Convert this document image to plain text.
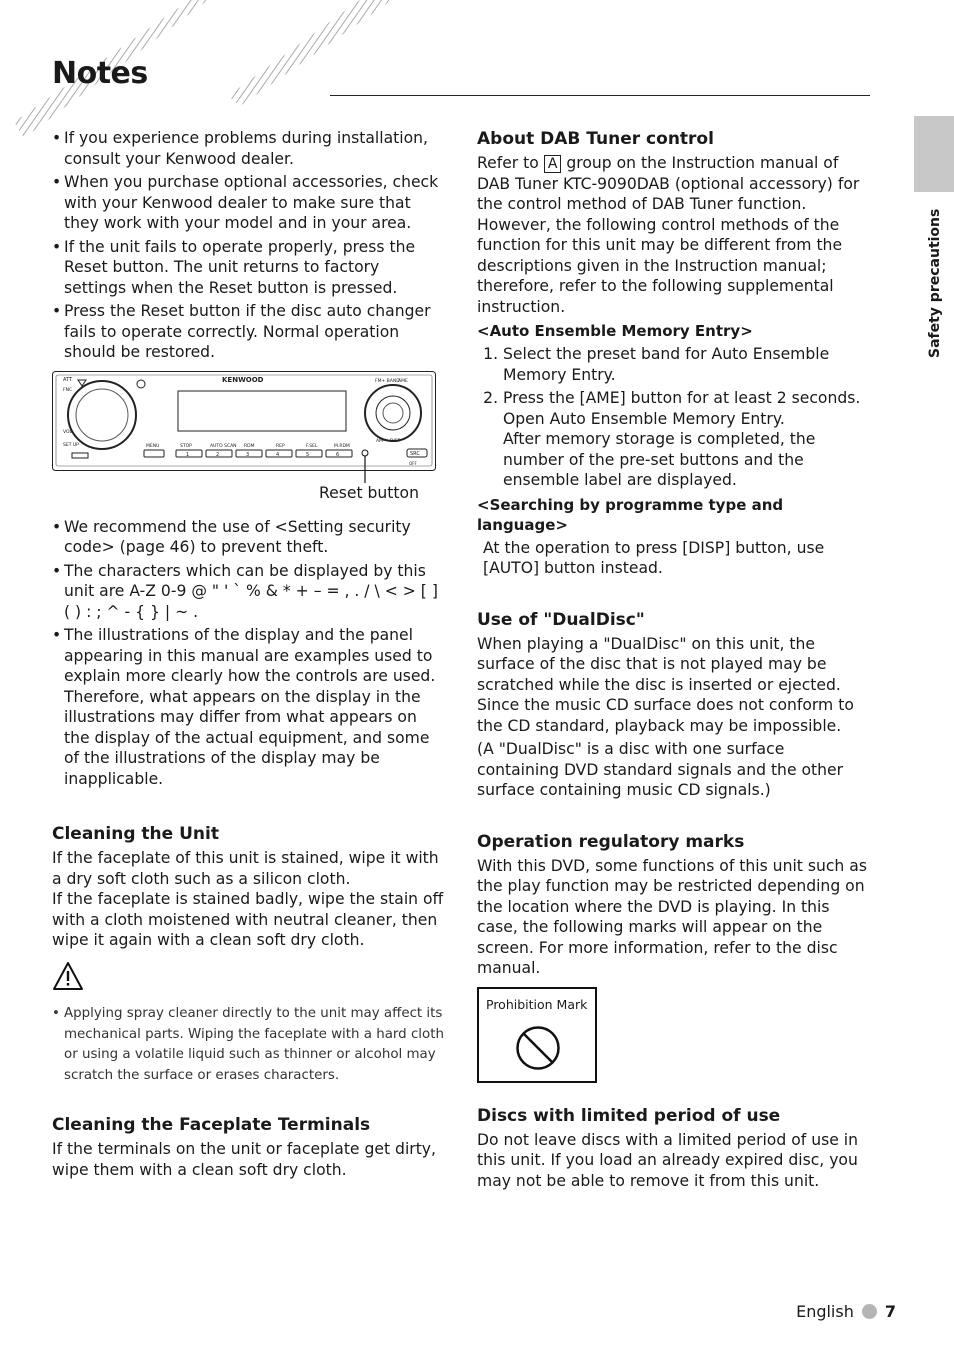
Notes
Safety precautions
• If you experience problems during installation, consult your Kenwood dealer.
• When you purchase optional accessories, check with your Kenwood dealer to make sure that they work with your model and in your area.
• If the unit fails to operate properly, press the Reset button. The unit returns to factory settings when the Reset button is pressed.
• Press the Reset button if the disc auto changer fails to operate correctly. Normal operation should be restored.
ATT
VOL
SET UP
KENWOOD	FM+ BAND
AM-
SRC
OFF
MENU	STOP	AUTO SCAN RDM	REP	F.SEL	M.RDM
1	2	3	4	5	6
AME
DISP
FNC
Reset button
• We recommend the use of <Setting security code> (page 46) to prevent theft.
• The characters which can be displayed by this unit are A-Z 0-9 @ " ' ` % & * + – = , . / \ < > [ ] ( ) : ; ^ - { } | ~ .
• The illustrations of the display and the panel appearing in this manual are examples used to explain more clearly how the controls are used. Therefore, what appears on the display in the illustrations may differ from what appears on the display of the actual equipment, and some of the illustrations of the display may be inapplicable.
Cleaning the Unit

If the faceplate of this unit is stained, wipe it with a dry soft cloth such as a silicon cloth.

If the faceplate is stained badly, wipe the stain off with a cloth moistened with neutral cleaner, then wipe it again with a clean soft dry cloth.

• Applying spray cleaner directly to the unit may affect its mechanical parts. Wiping the faceplate with a hard cloth or using a volatile liquid such as thinner or alcohol may scratch the surface or erases characters.
Cleaning the Faceplate Terminals

If the terminals on the unit or faceplate get dirty, wipe them with a clean soft dry cloth.

About DAB Tuner control

Refer to A group on the Instruction manual of DAB Tuner KTC-9090DAB (optional accessory) for the control method of DAB Tuner function.

However, the following control methods of the function for this unit may be different from the descriptions given in the Instruction manual; therefore, refer to the following supplemental instruction.

<Auto Ensemble Memory Entry>
1. Select the preset band for Auto Ensemble Memory Entry.
2. Press the [AME] button for at least 2 seconds.
Open Auto Ensemble Memory Entry.
After memory storage is completed, the number of the pre-set buttons and the ensemble label are displayed.
<Searching by programme type and language>

At the operation to press [DISP] button, use [AUTO] button instead.

Use of "DualDisc"

When playing a "DualDisc" on this unit, the surface of the disc that is not played may be scratched while the disc is inserted or ejected. Since the music CD surface does not conform to the CD standard, playback may be impossible.

(A "DualDisc" is a disc with one surface containing DVD standard signals and the other surface containing music CD signals.)

Operation regulatory marks

With this DVD, some functions of this unit such as the play function may be restricted depending on the location where the DVD is playing. In this case, the following marks will appear on the screen. For more information, refer to the disc manual.

Prohibition Mark
Discs with limited period of use

Do not leave discs with a limited period of use in this unit. If you load an already expired disc, you may not be able to remove it from this unit.

English 7
